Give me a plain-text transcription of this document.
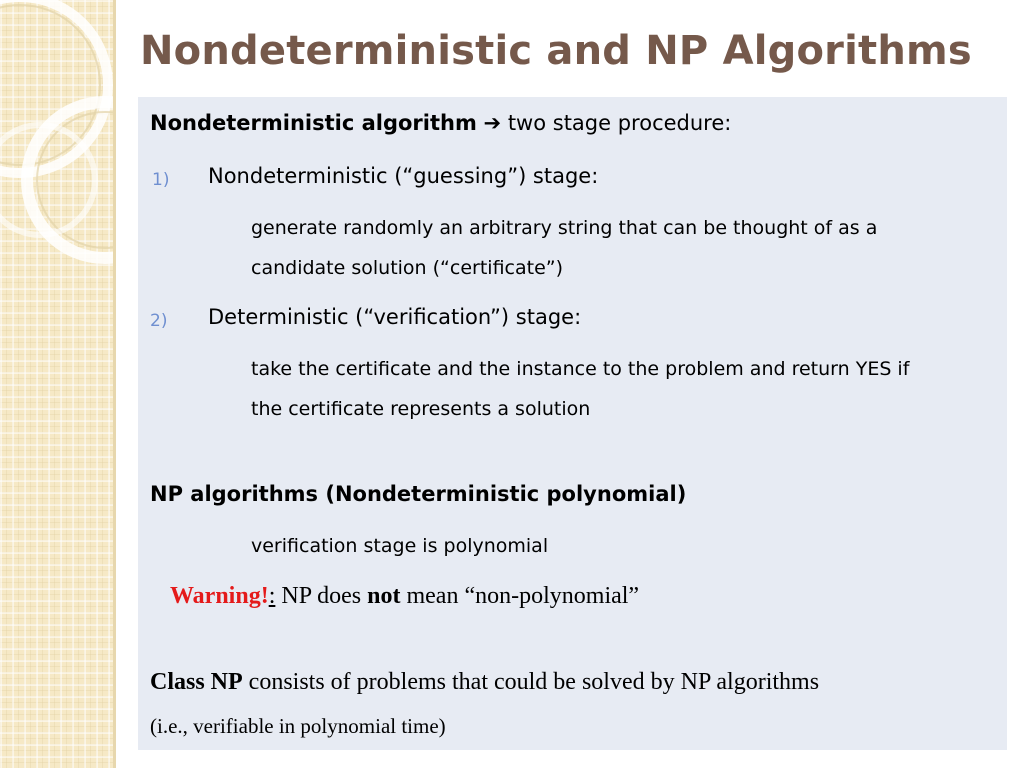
Nondeterministic and NP Algorithms
Nondeterministic algorithm ➔ two stage procedure:
1) Nondeterministic (“guessing”) stage:
generate randomly an arbitrary string that can be thought of as a
candidate solution (“certificate”)
2) Deterministic (“verification”) stage:
take the certificate and the instance to the problem and return YES if
the certificate represents a solution
NP algorithms (Nondeterministic polynomial)
verification stage is polynomial
Warning!: NP does not mean “non-polynomial”
Class NP consists of problems that could be solved by NP algorithms
(i.e., verifiable in polynomial time)
